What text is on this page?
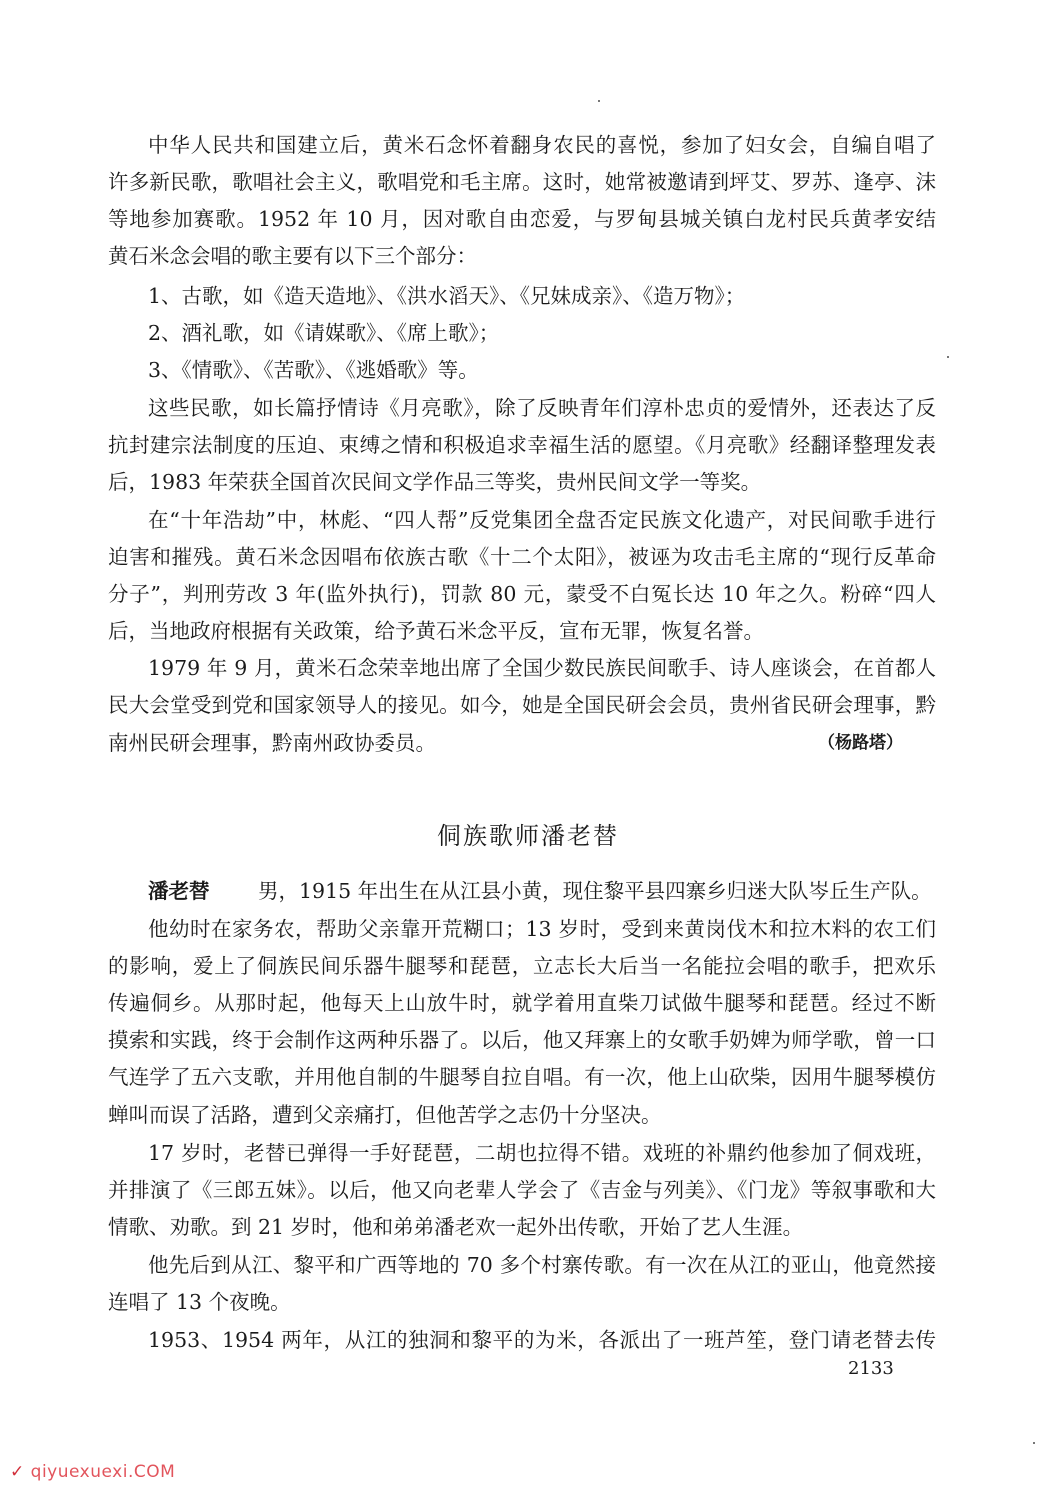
中华人民共和国建立后，黄米石念怀着翻身农民的喜悦，参加了妇女会，自编自唱了
许多新民歌，歌唱社会主义，歌唱党和毛主席。这时，她常被邀请到坪艾、罗苏、逢亭、沫
等地参加赛歌。1952 年 10 月，因对歌自由恋爱，与罗甸县城关镇白龙村民兵黄孝安结
黄石米念会唱的歌主要有以下三个部分：
1、古歌，如《造天造地》、《洪水滔天》、《兄妹成亲》、《造万物》；
2、酒礼歌，如《请媒歌》、《席上歌》；
3、《情歌》、《苦歌》、《逃婚歌》等。
这些民歌，如长篇抒情诗《月亮歌》，除了反映青年们淳朴忠贞的爱情外，还表达了反
抗封建宗法制度的压迫、束缚之情和积极追求幸福生活的愿望。《月亮歌》经翻译整理发表
后，1983 年荣获全国首次民间文学作品三等奖，贵州民间文学一等奖。
在“十年浩劫”中，林彪、“四人帮”反党集团全盘否定民族文化遗产，对民间歌手进行
迫害和摧残。黄石米念因唱布依族古歌《十二个太阳》，被诬为攻击毛主席的“现行反革命
分子”，判刑劳改 3 年(监外执行)，罚款 80 元，蒙受不白冤长达 10 年之久。粉碎“四人
后，当地政府根据有关政策，给予黄石米念平反，宣布无罪，恢复名誉。
1979 年 9 月，黄米石念荣幸地出席了全国少数民族民间歌手、诗人座谈会，在首都人
民大会堂受到党和国家领导人的接见。如今，她是全国民研会会员，贵州省民研会理事，黔
南州民研会理事，黔南州政协委员。	（杨路塔）
侗族歌师潘老替
潘老替 男，1915 年出生在从江县小黄，现住黎平县四寨乡归迷大队岑丘生产队。
他幼时在家务农，帮助父亲靠开荒糊口；13 岁时，受到来黄岗伐木和拉木料的农工们
的影响，爱上了侗族民间乐器牛腿琴和琵琶，立志长大后当一名能拉会唱的歌手，把欢乐
传遍侗乡。从那时起，他每天上山放牛时，就学着用直柴刀试做牛腿琴和琵琶。经过不断
摸索和实践，终于会制作这两种乐器了。以后，他又拜寨上的女歌手奶婢为师学歌，曾一口
气连学了五六支歌，并用他自制的牛腿琴自拉自唱。有一次，他上山砍柴，因用牛腿琴模仿
蝉叫而误了活路，遭到父亲痛打，但他苦学之志仍十分坚决。
17 岁时，老替已弹得一手好琵琶，二胡也拉得不错。戏班的补鼎约他参加了侗戏班，
并排演了《三郎五妹》。以后，他又向老辈人学会了《吉金与列美》、《门龙》等叙事歌和大
情歌、劝歌。到 21 岁时，他和弟弟潘老欢一起外出传歌，开始了艺人生涯。
他先后到从江、黎平和广西等地的 70 多个村寨传歌。有一次在从江的亚山，他竟然接
连唱了 13 个夜晚。
1953、1954 两年，从江的独洞和黎平的为米，各派出了一班芦笙，登门请老替去传
2133
✓ qiyuexuexi.COM
